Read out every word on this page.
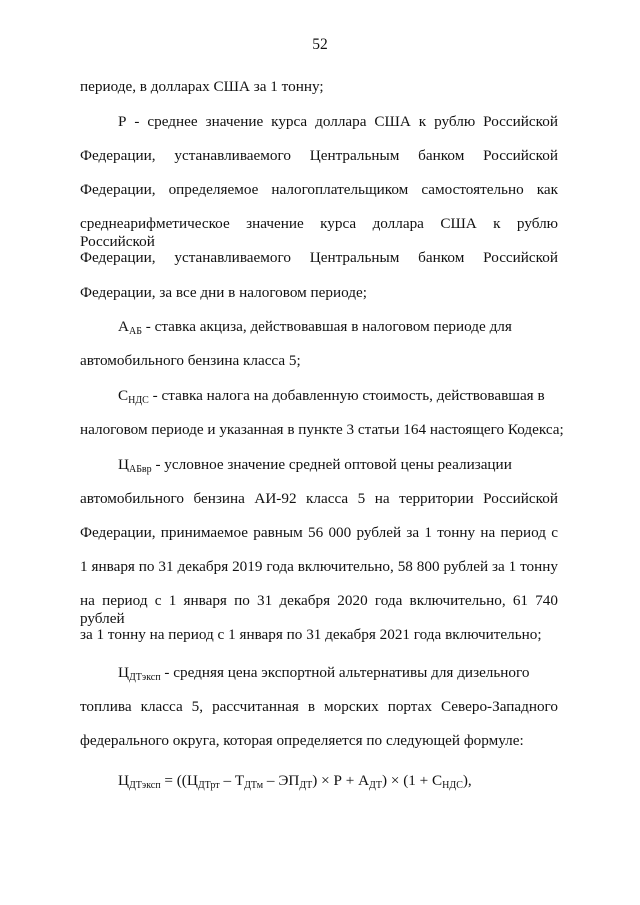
52
периоде, в долларах США за 1 тонну;
Р - среднее значение курса доллара США к рублю Российской
Федерации, устанавливаемого Центральным банком Российской
Федерации, определяемое налогоплательщиком самостоятельно как
среднеарифметическое значение курса доллара США к рублю Российской
Федерации, устанавливаемого Центральным банком Российской
Федерации, за все дни в налоговом периоде;
$А_{АБ}$ - ставка акциза, действовавшая в налоговом периоде для
автомобильного бензина класса 5;
$С_{НДС}$ - ставка налога на добавленную стоимость, действовавшая в
налоговом периоде и указанная в пункте 3 статьи 164 настоящего Кодекса;
$Ц_{АБвр}$ - условное значение средней оптовой цены реализации
автомобильного бензина АИ-92 класса 5 на территории Российской
Федерации, принимаемое равным 56 000 рублей за 1 тонну на период с
1 января по 31 декабря 2019 года включительно, 58 800 рублей за 1 тонну
на период с 1 января по 31 декабря 2020 года включительно, 61 740 рублей
за 1 тонну на период с 1 января по 31 декабря 2021 года включительно;
$Ц_{ДТэксп}$ - средняя цена экспортной альтернативы для дизельного
топлива класса 5, рассчитанная в морских портах Северо-Западного
федерального округа, которая определяется по следующей формуле:
$Ц_{ДТэксп} = ((Ц_{ДТрт} - Т_{ДТм} - ЭП_{ДТ}) \times Р + А_{ДТ}) \times (1 + С_{НДС})$,
